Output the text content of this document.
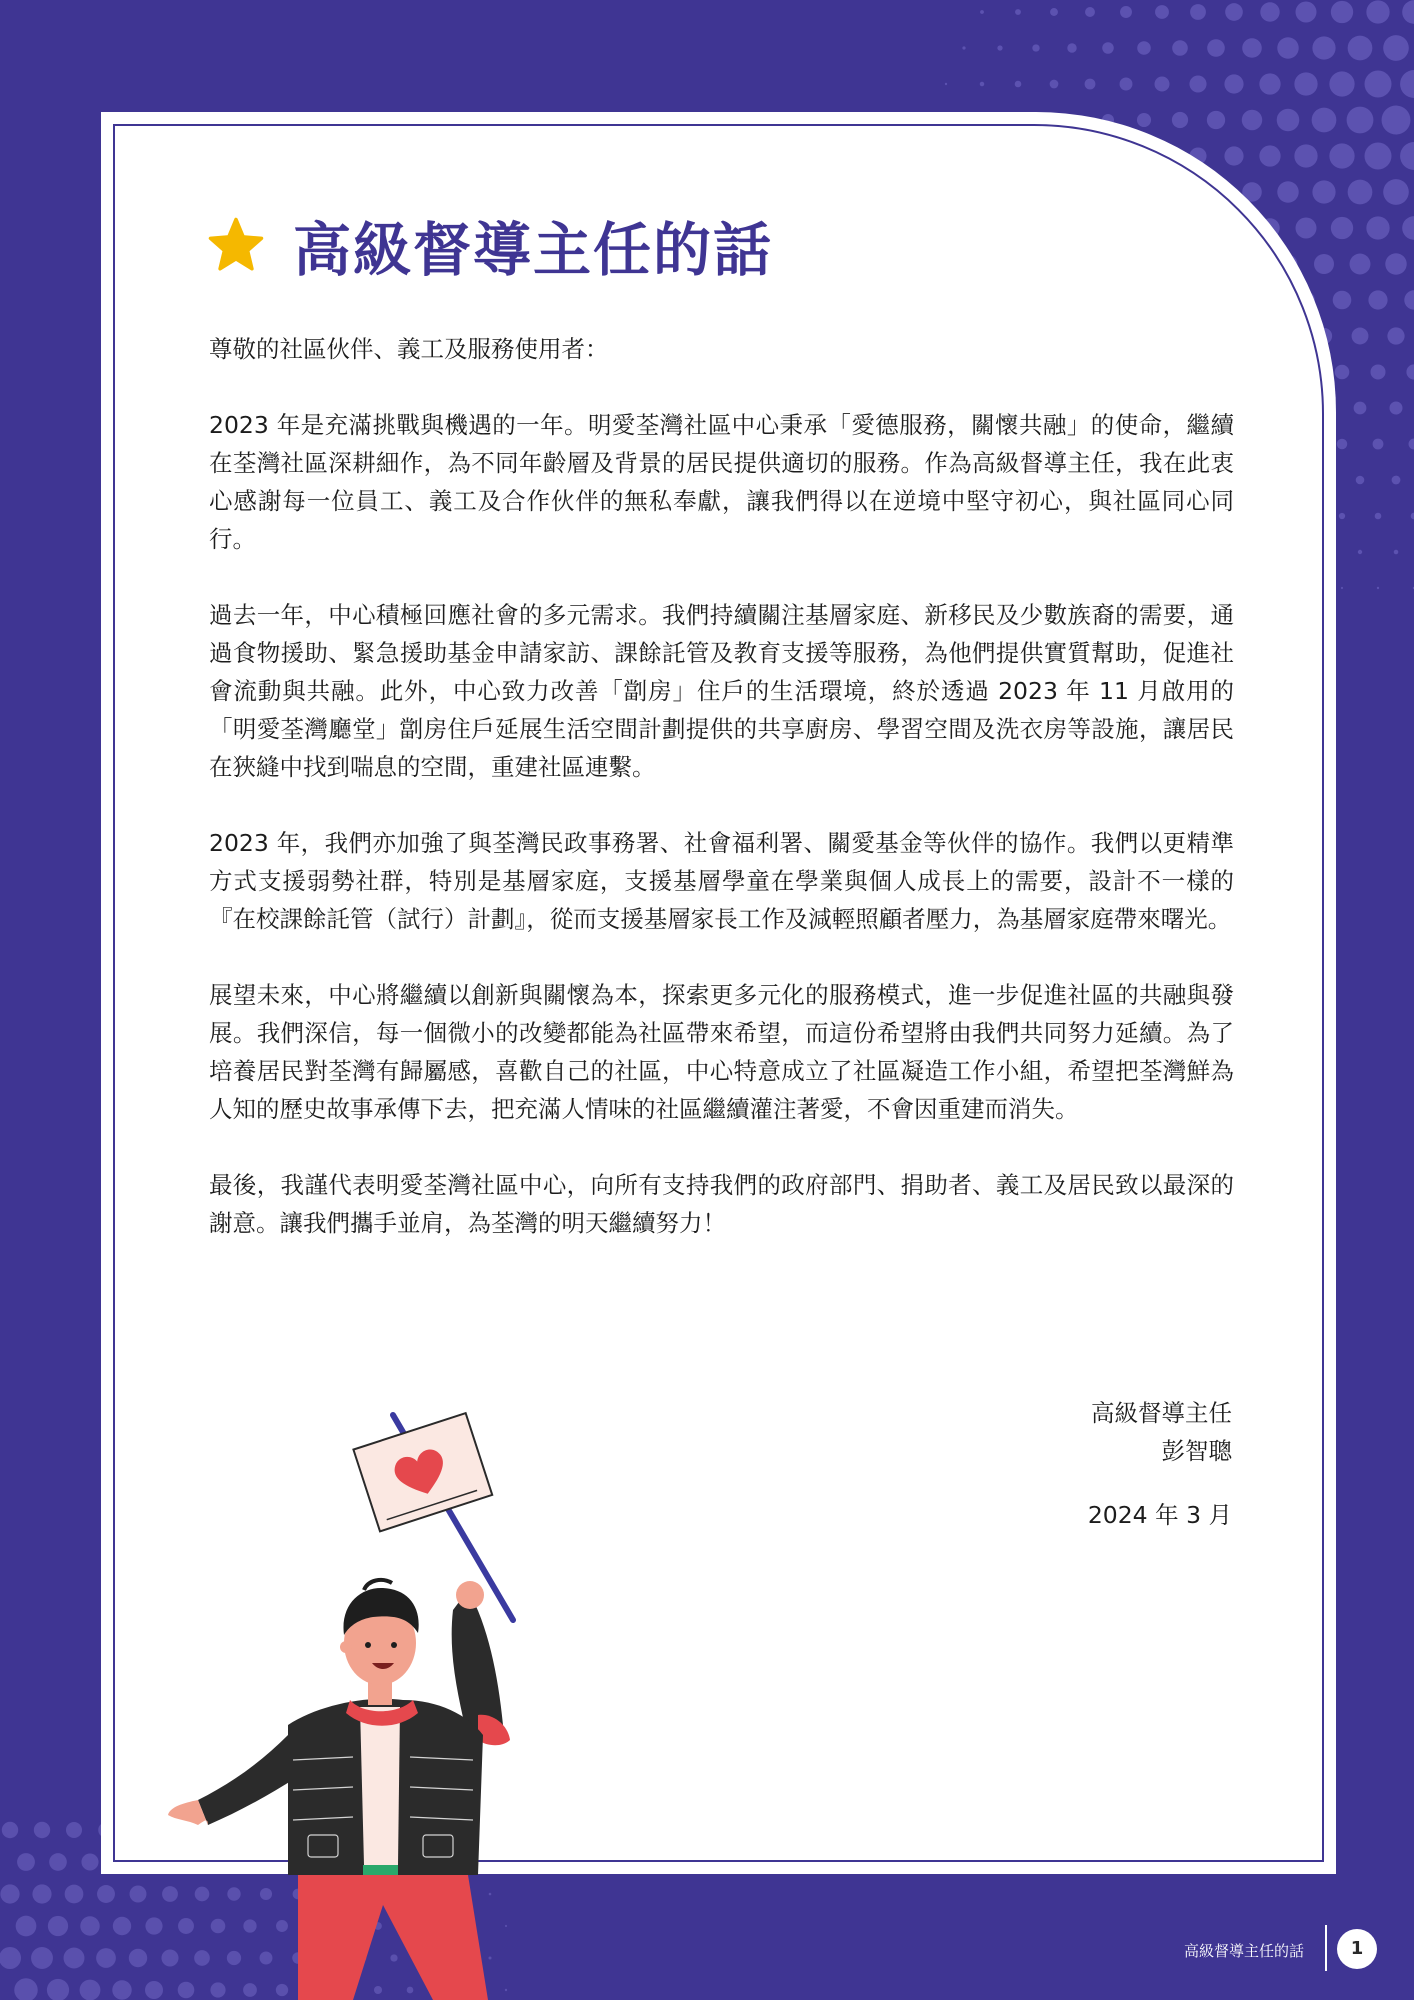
高級督導主任的話

尊敬的社區伙伴、義工及服務使用者：

2023 年是充滿挑戰與機遇的一年。明愛荃灣社區中心秉承「愛德服務，關懷共融」的使命，繼續在荃灣社區深耕細作，為不同年齡層及背景的居民提供適切的服務。作為高級督導主任，我在此衷心感謝每一位員工、義工及合作伙伴的無私奉獻，讓我們得以在逆境中堅守初心，與社區同心同行。

過去一年，中心積極回應社會的多元需求。我們持續關注基層家庭、新移民及少數族裔的需要，通過食物援助、緊急援助基金申請家訪、課餘託管及教育支援等服務，為他們提供實質幫助，促進社會流動與共融。此外，中心致力改善「劏房」住戶的生活環境，終於透過 2023 年 11 月啟用的「明愛荃灣廳堂」劏房住戶延展生活空間計劃提供的共享廚房、學習空間及洗衣房等設施，讓居民在狹縫中找到喘息的空間，重建社區連繫。

2023 年，我們亦加強了與荃灣民政事務署、社會福利署、關愛基金等伙伴的協作。我們以更精準方式支援弱勢社群，特別是基層家庭，支援基層學童在學業與個人成長上的需要，設計不一樣的『在校課餘託管（試行）計劃』，從而支援基層家長工作及減輕照顧者壓力，為基層家庭帶來曙光。

展望未來，中心將繼續以創新與關懷為本，探索更多元化的服務模式，進一步促進社區的共融與發展。我們深信，每一個微小的改變都能為社區帶來希望，而這份希望將由我們共同努力延續。為了培養居民對荃灣有歸屬感，喜歡自己的社區，中心特意成立了社區凝造工作小組，希望把荃灣鮮為人知的歷史故事承傳下去，把充滿人情味的社區繼續灌注著愛，不會因重建而消失。

最後，我謹代表明愛荃灣社區中心，向所有支持我們的政府部門、捐助者、義工及居民致以最深的謝意。讓我們攜手並肩，為荃灣的明天繼續努力！

高級督導主任
彭智聰
2024 年 3 月
高級督導主任的話	1
